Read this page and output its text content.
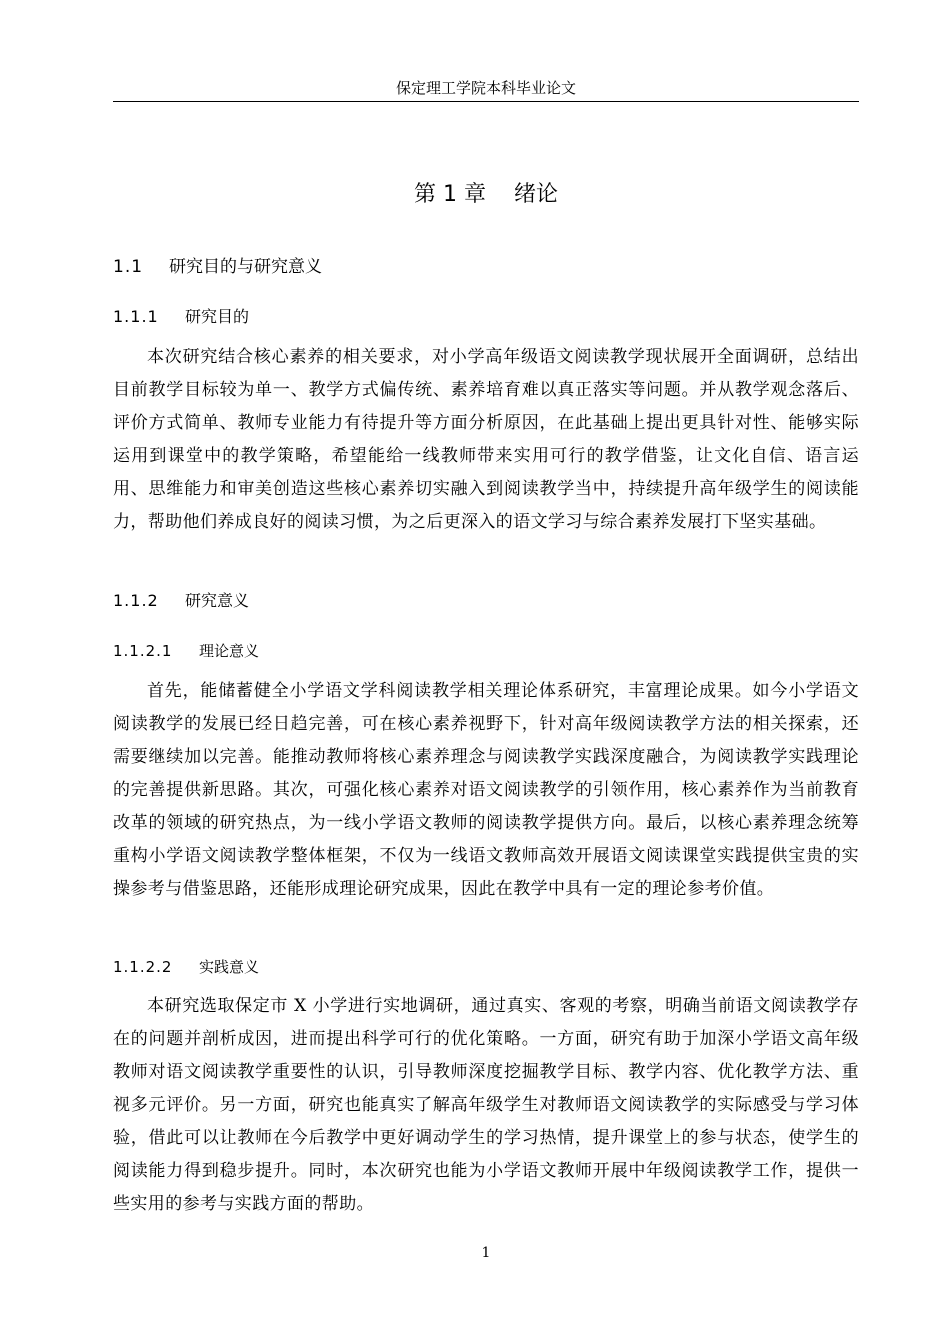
保定理工学院本科毕业论文
第 1 章    绪论
1.1 研究目的与研究意义
1.1.1 研究目的
本次研究结合核心素养的相关要求，对小学高年级语文阅读教学现状展开全面调研，总结出目前教学目标较为单一、教学方式偏传统、素养培育难以真正落实等问题。并从教学观念落后、评价方式简单、教师专业能力有待提升等方面分析原因，在此基础上提出更具针对性、能够实际运用到课堂中的教学策略，希望能给一线教师带来实用可行的教学借鉴，让文化自信、语言运用、思维能力和审美创造这些核心素养切实融入到阅读教学当中，持续提升高年级学生的阅读能力，帮助他们养成良好的阅读习惯，为之后更深入的语文学习与综合素养发展打下坚实基础。
1.1.2 研究意义
1.1.2.1 理论意义
首先，能储蓄健全小学语文学科阅读教学相关理论体系研究，丰富理论成果。如今小学语文阅读教学的发展已经日趋完善，可在核心素养视野下，针对高年级阅读教学方法的相关探索，还需要继续加以完善。能推动教师将核心素养理念与阅读教学实践深度融合，为阅读教学实践理论的完善提供新思路。其次，可强化核心素养对语文阅读教学的引领作用，核心素养作为当前教育改革的领域的研究热点，为一线小学语文教师的阅读教学提供方向。最后，以核心素养理念统筹重构小学语文阅读教学整体框架，不仅为一线语文教师高效开展语文阅读课堂实践提供宝贵的实操参考与借鉴思路，还能形成理论研究成果，因此在教学中具有一定的理论参考价值。
1.1.2.2 实践意义
本研究选取保定市 X 小学进行实地调研，通过真实、客观的考察，明确当前语文阅读教学存在的问题并剖析成因，进而提出科学可行的优化策略。一方面，研究有助于加深小学语文高年级教师对语文阅读教学重要性的认识，引导教师深度挖掘教学目标、教学内容、优化教学方法、重视多元评价。另一方面，研究也能真实了解高年级学生对教师语文阅读教学的实际感受与学习体验，借此可以让教师在今后教学中更好调动学生的学习热情，提升课堂上的参与状态，使学生的阅读能力得到稳步提升。同时，本次研究也能为小学语文教师开展中年级阅读教学工作，提供一些实用的参考与实践方面的帮助。
1
